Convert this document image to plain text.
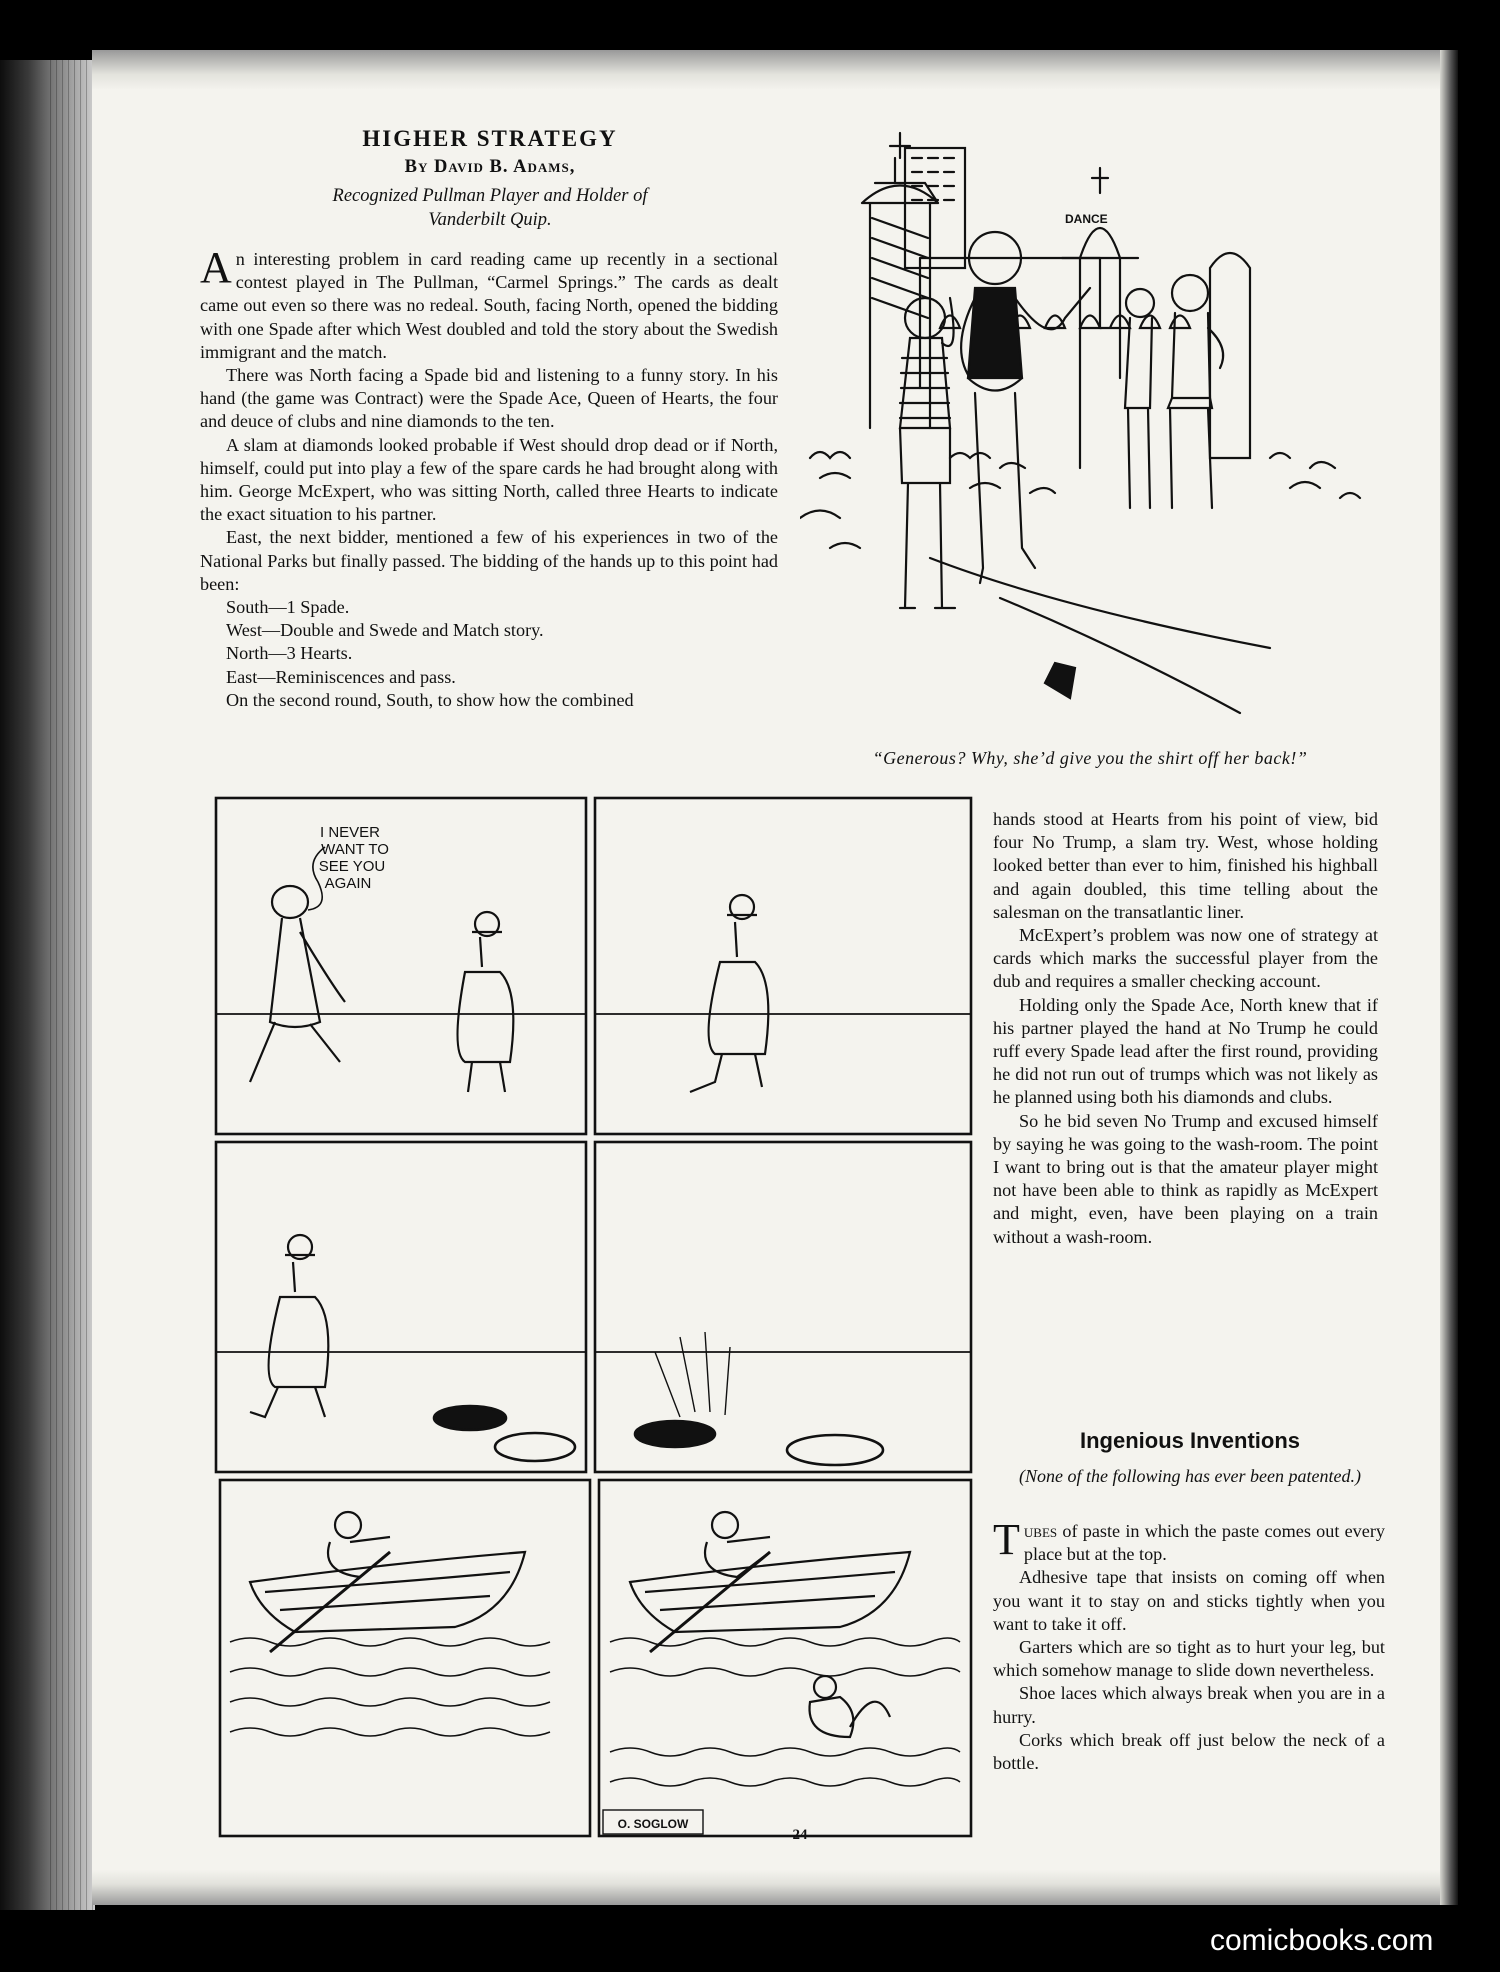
HIGHER STRATEGY
By David B. Adams,
Recognized Pullman Player and Holder of
Vanderbilt Quip.

An interesting problem in card reading came up recently in a sectional contest played in The Pullman, “Carmel Springs.” The cards as dealt came out even so there was no redeal. South, facing North, opened the bidding with one Spade after which West doubled and told the story about the Swedish immigrant and the match.

There was North facing a Spade bid and listening to a funny story. In his hand (the game was Contract) were the Spade Ace, Queen of Hearts, the four and deuce of clubs and nine diamonds to the ten.

A slam at diamonds looked probable if West should drop dead or if North, himself, could put into play a few of the spare cards he had brought along with him. George McExpert, who was sitting North, called three Hearts to indicate the exact situation to his partner.

East, the next bidder, mentioned a few of his experiences in two of the National Parks but finally passed. The bidding of the hands up to this point had been:

South—1 Spade.

West—Double and Swede and Match story.

North—3 Hearts.

East—Reminiscences and pass.

On the second round, South, to show how the combined

hands stood at Hearts from his point of view, bid four No Trump, a slam try. West, whose holding looked better than ever to him, finished his highball and again doubled, this time telling about the salesman on the transatlantic liner.

McExpert’s problem was now one of strategy at cards which marks the successful player from the dub and requires a smaller checking account.

Holding only the Spade Ace, North knew that if his partner played the hand at No Trump he could ruff every Spade lead after the first round, providing he did not run out of trumps which was not likely as he planned using both his diamonds and clubs.

So he bid seven No Trump and excused himself by saying he was going to the wash-room. The point I want to bring out is that the amateur player might not have been able to think as rapidly as McExpert and might, even, have been playing on a train without a wash-room.

DANCE
“Generous? Why, she’d give you the shirt off her back!”
I NEVER
WANT TO
SEE YOU
AGAIN
O. SOGLOW
Ingenious Inventions
(None of the following has ever been patented.)

Tubes of paste in which the paste comes out every place but at the top.

Adhesive tape that insists on coming off when you want it to stay on and sticks tightly when you want to take it off.

Garters which are so tight as to hurt your leg, but which somehow manage to slide down nevertheless.

Shoe laces which always break when you are in a hurry.

Corks which break off just below the neck of a bottle.

24
comicbooks.com
